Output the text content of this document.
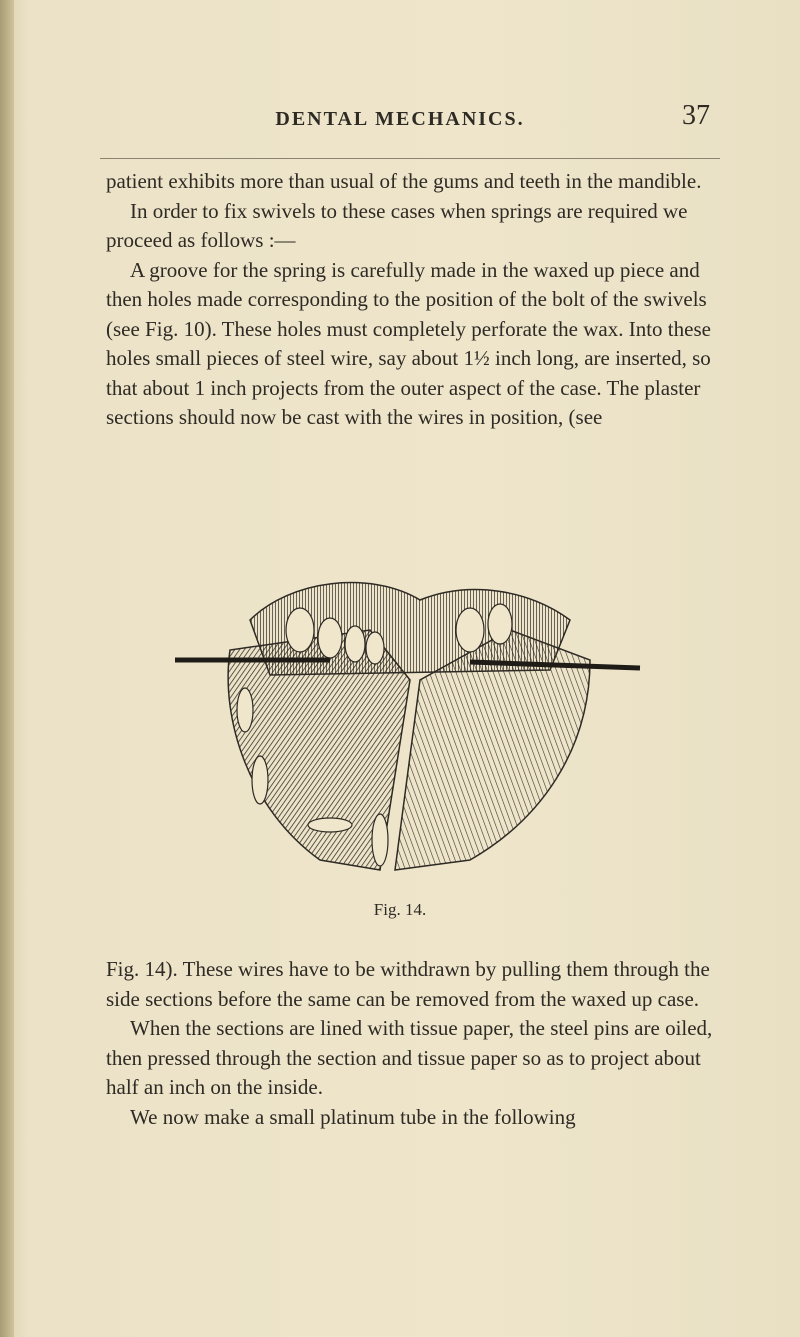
DENTAL MECHANICS.	37

patient exhibits more than usual of the gums and teeth in the mandible.

In order to fix swivels to these cases when springs are required we proceed as follows :—

A groove for the spring is carefully made in the waxed up piece and then holes made corresponding to the position of the bolt of the swivels (see Fig. 10). These holes must completely perforate the wax. Into these holes small pieces of steel wire, say about 1½ inch long, are inserted, so that about 1 inch projects from the outer aspect of the case. The plaster sections should now be cast with the wires in position, (see

Fig. 14.

Fig. 14). These wires have to be withdrawn by pulling them through the side sections before the same can be removed from the waxed up case.

When the sections are lined with tissue paper, the steel pins are oiled, then pressed through the section and tissue paper so as to project about half an inch on the inside.

We now make a small platinum tube in the following
